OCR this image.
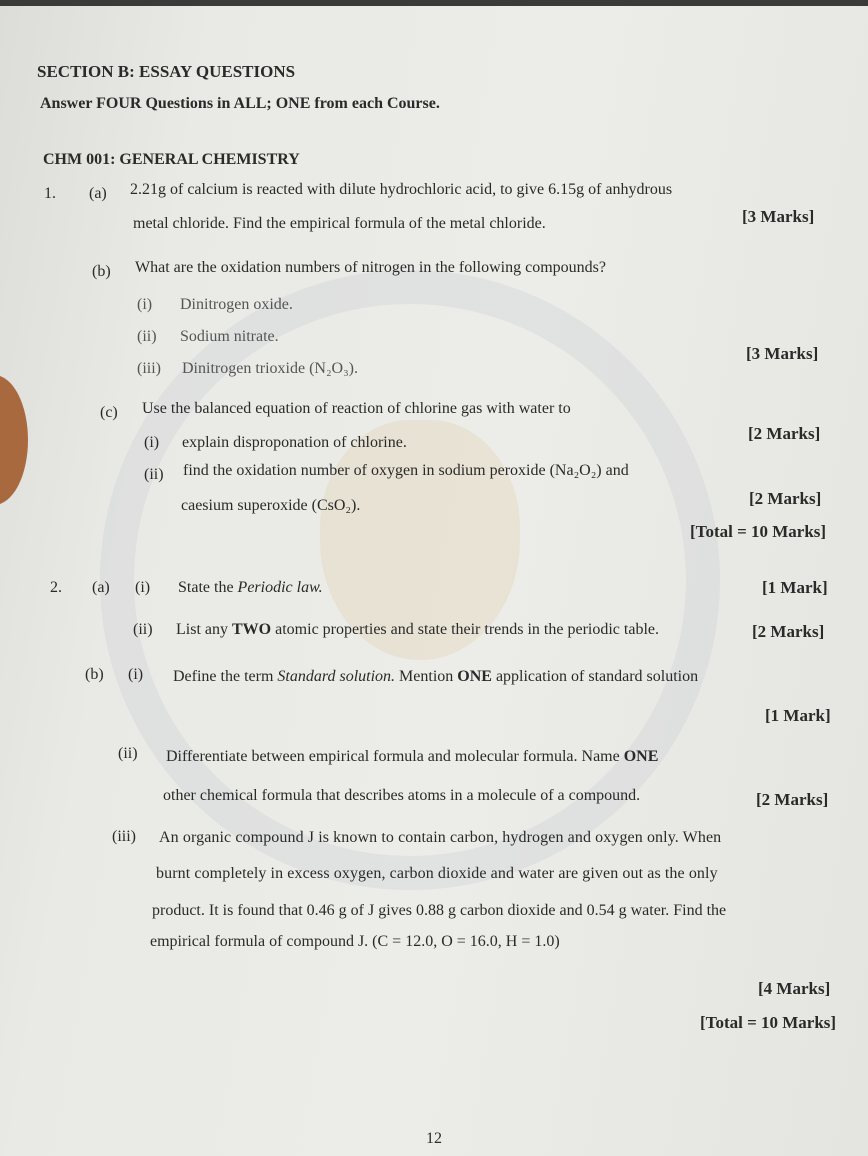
SECTION B: ESSAY QUESTIONS
Answer FOUR Questions in ALL; ONE from each Course.
CHM 001: GENERAL CHEMISTRY
1. (a) 2.21g of calcium is reacted with dilute hydrochloric acid, to give 6.15g of anhydrous
metal chloride. Find the empirical formula of the metal chloride.	[3 Marks]
(b) What are the oxidation numbers of nitrogen in the following compounds?
(i) Dinitrogen oxide.
(ii) Sodium nitrate.
(iii) Dinitrogen trioxide (N₂O₃).
[3 Marks]
(c) Use the balanced equation of reaction of chlorine gas with water to
(i) explain disproponation of chlorine.	[2 Marks]
(ii) find the oxidation number of oxygen in sodium peroxide (Na₂O₂) and
caesium superoxide (CsO₂).	[2 Marks]
[Total = 10 Marks]
2. (a) (i) State the Periodic law.	[1 Mark]
(ii) List any TWO atomic properties and state their trends in the periodic table.	[2 Marks]
(b) (i) Define the term Standard solution. Mention ONE application of standard solution
[1 Mark]
(ii) Differentiate between empirical formula and molecular formula. Name ONE
other chemical formula that describes atoms in a molecule of a compound.	[2 Marks]
(iii) An organic compound J is known to contain carbon, hydrogen and oxygen only. When
burnt completely in excess oxygen, carbon dioxide and water are given out as the only
product. It is found that 0.46 g of J gives 0.88 g carbon dioxide and 0.54 g water. Find the
empirical formula of compound J. (C = 12.0, O = 16.0, H = 1.0)
[4 Marks]
[Total = 10 Marks]
12
